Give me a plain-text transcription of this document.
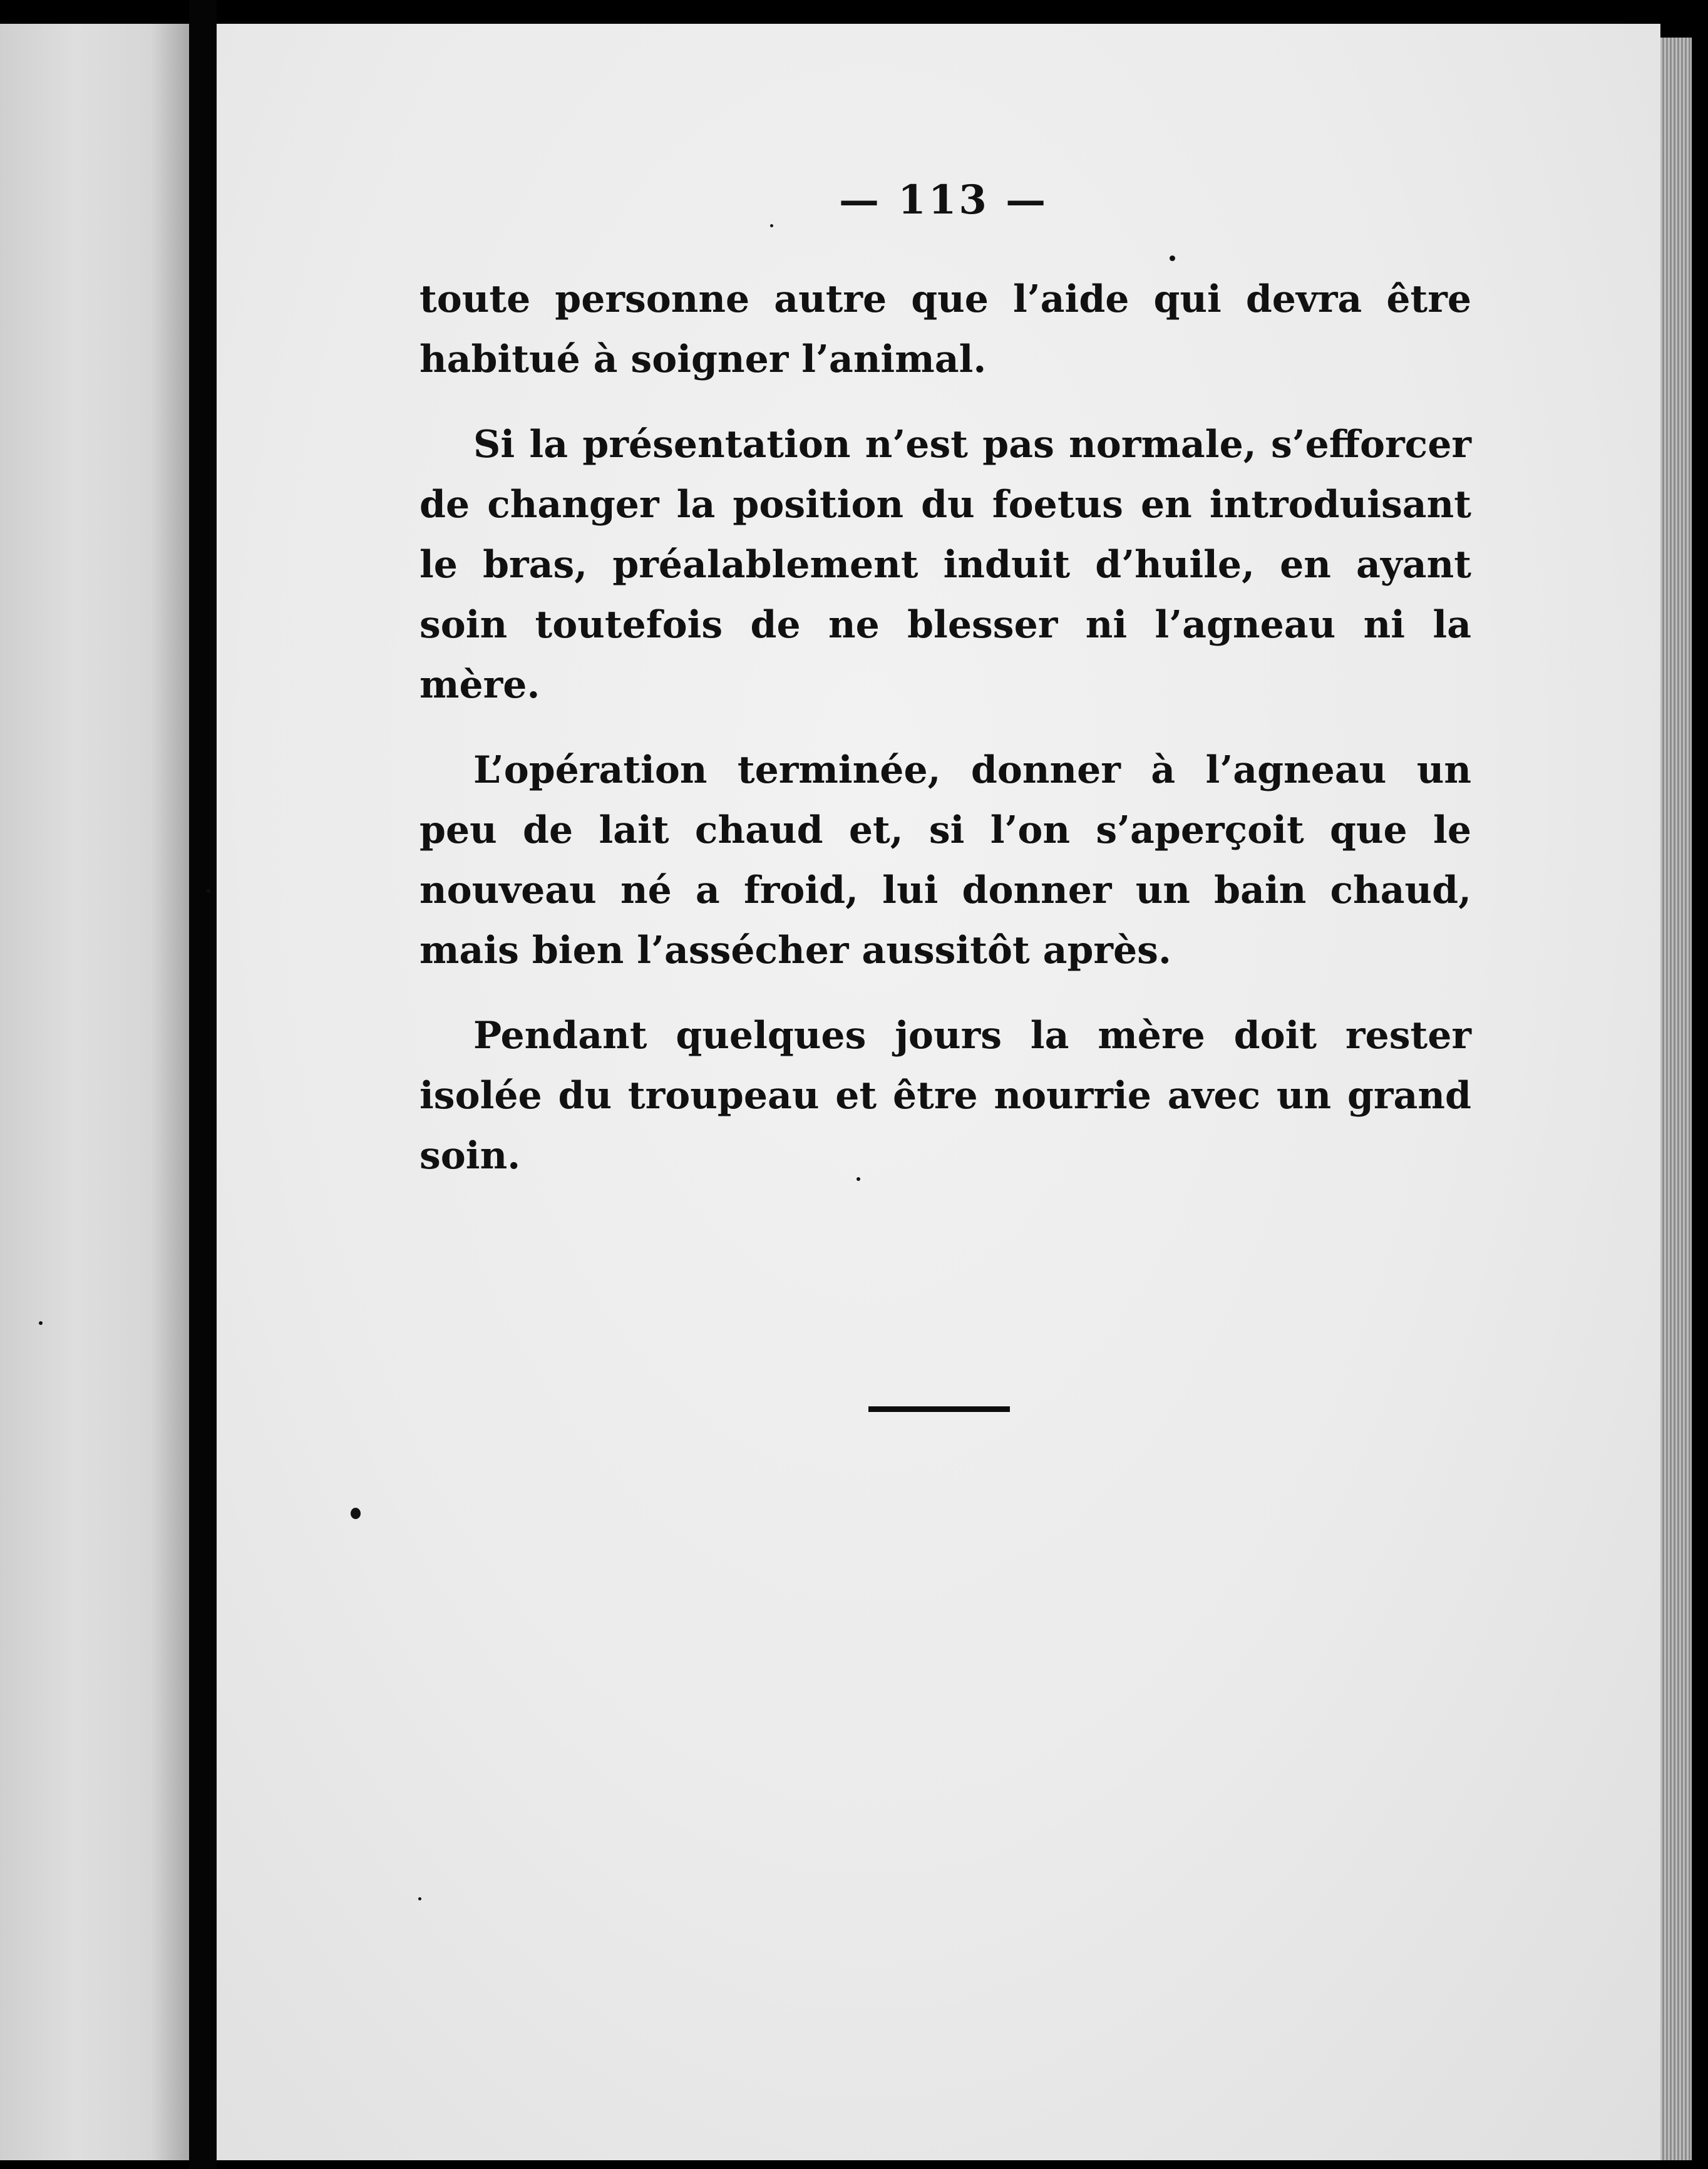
— 113 —

toute personne autre que l’aide qui devra être habitué à soigner l’animal.

Si la présentation n’est pas normale, s’efforcer de changer la position du foetus en introduisant le bras, préalablement induit d’huile, en ayant soin toutefois de ne blesser ni l’agneau ni la mère.

L’opération terminée, donner à l’agneau un peu de lait chaud et, si l’on s’aperçoit que le nouveau né a froid, lui donner un bain chaud, mais bien l’assécher aussitôt après.

Pendant quelques jours la mère doit rester isolée du troupeau et être nourrie avec un grand soin.
